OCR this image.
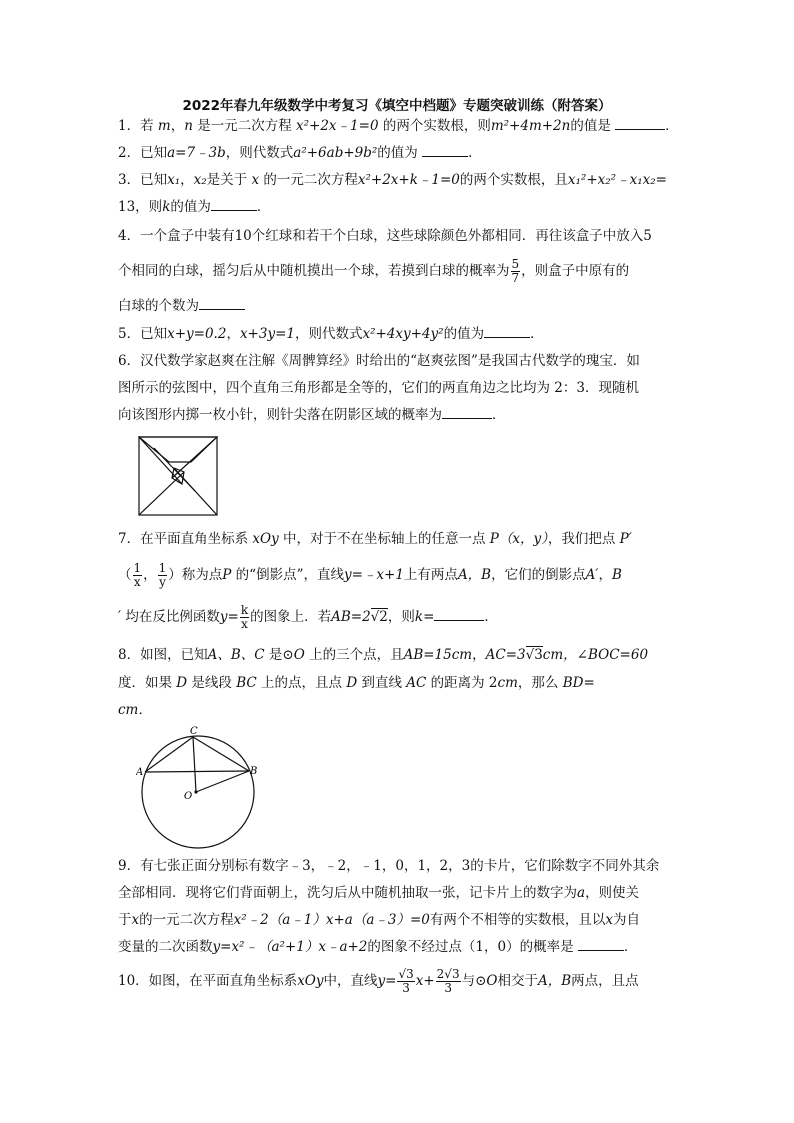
2022年春九年级数学中考复习《填空中档题》专题突破训练（附答案）
1．若 m，n 是一元二次方程 x²+2x﹣1=0 的两个实数根，则m²+4m+2n的值是	．
2．已知a=7﹣3b，则代数式a²+6ab+9b²的值为	．
3．已知x₁，x₂是关于 x 的一元二次方程x²+2x+k﹣1=0的两个实数根，且x₁²+x₂²﹣x₁x₂=
13，则k的值为	．
4．一个盒子中装有10个红球和若干个白球，这些球除颜色外都相同．再往该盒子中放入5
个相同的白球，摇匀后从中随机摸出一个球，若摸到白球的概率为 $\frac{5}{7}$ ，则盒子中原有的
白球的个数为
5．已知x+y=0.2，x+3y=1，则代数式x²+4xy+4y²的值为	．
6．汉代数学家赵爽在注解《周髀算经》时给出的“赵爽弦图”是我国古代数学的瑰宝．如
图所示的弦图中，四个直角三角形都是全等的，它们的两直角边之比均为 2：3．现随机
向该图形内掷一枚小针，则针尖落在阴影区域的概率为	．
7．在平面直角坐标系 xOy 中，对于不在坐标轴上的任意一点 P（x，y），我们把点 P′
（ $\frac{1}{x}$ ， $\frac{1}{y}$ ）称为点P 的“倒影点”，直线y=﹣x+1上有两点A，B，它们的倒影点A′，B
′ 均在反比例函数$y= \frac{k}{x}$ 的图象上．若AB=2√2，则k=	．
8．如图，已知A、B、C 是⊙O 上的三个点，且AB=15cm，AC=3√3cm，∠BOC=60
度．如果 D 是线段 BC 上的点，且点 D 到直线 AC 的距离为 2cm，那么 BD=
cm．
C
A	B
O
9．有七张正面分别标有数字﹣3，﹣2，﹣1，0，1，2，3的卡片，它们除数字不同外其余
全部相同．现将它们背面朝上，洗匀后从中随机抽取一张，记卡片上的数字为a，则使关
于x的一元二次方程x²﹣2（a﹣1）x+a（a﹣3）=0有两个不相等的实数根，且以x为自
变量的二次函数y=x²﹣（a²+1）x﹣a+2的图象不经过点（1，0）的概率是	．
10．如图，在平面直角坐标系xOy中，直线$y= \frac{√3}{3} x+ \frac{2√3}{3}$ 与⊙O相交于A，B两点，且点
